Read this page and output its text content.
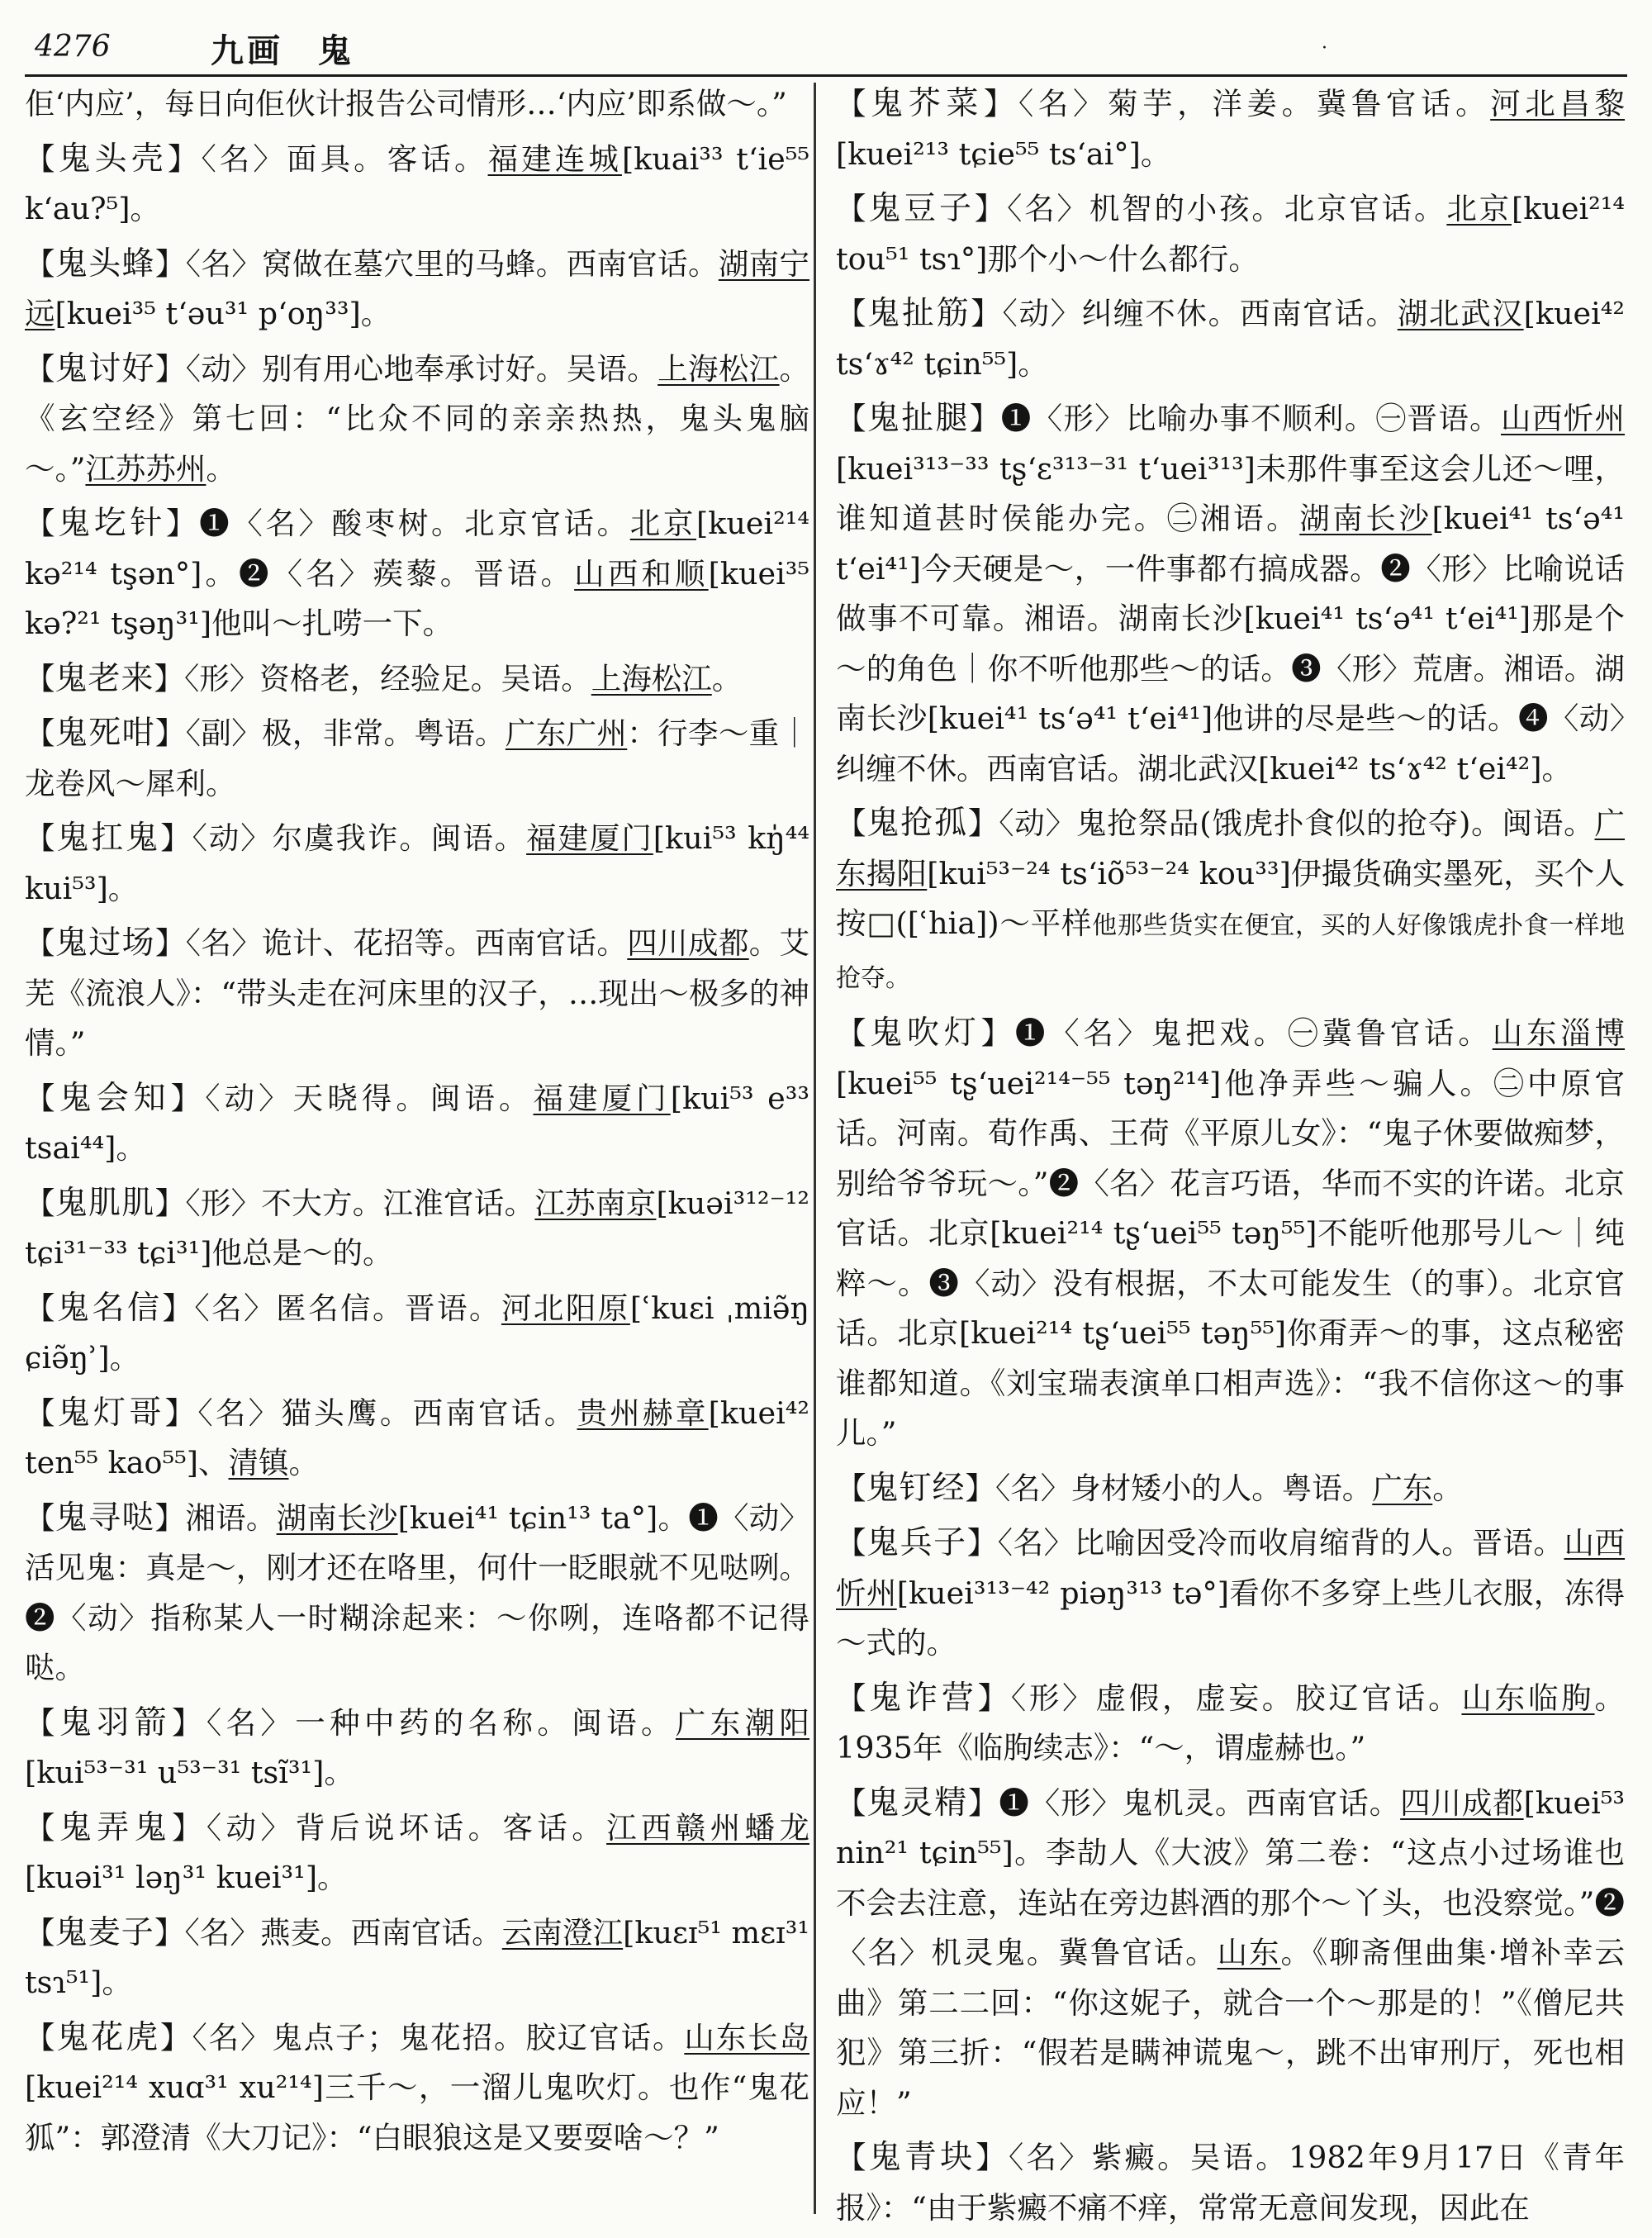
4276	九画 鬼	·

佢‘内应’，每日向佢伙计报告公司情形…‘内应’即系做～。”

【鬼头壳】〈名〉面具。客话。福建连城[kuai³³ t‘ie⁵⁵ k‘au?⁵]。

【鬼头蜂】〈名〉窝做在墓穴里的马蜂。西南官话。湖南宁远[kuei³⁵ t‘əu³¹ p‘oŋ³³]。

【鬼讨好】〈动〉别有用心地奉承讨好。吴语。上海松江。《玄空经》第七回：“比众不同的亲亲热热，鬼头鬼脑～。”江苏苏州。

【鬼圪针】❶〈名〉酸枣树。北京官话。北京[kuei²¹⁴ kə²¹⁴ tşən°]。❷〈名〉蒺藜。晋语。山西和顺[kuei³⁵ kə?²¹ tşəŋ³¹]他叫～扎唠一下。

【鬼老来】〈形〉资格老，经验足。吴语。上海松江。

【鬼死咁】〈副〉极，非常。粤语。广东广州：行李～重｜龙卷风～犀利。

【鬼扛鬼】〈动〉尔虞我诈。闽语。福建厦门[kui⁵³ kŋ̍⁴⁴ kui⁵³]。

【鬼过场】〈名〉诡计、花招等。西南官话。四川成都。艾芜《流浪人》：“带头走在河床里的汉子，…现出～极多的神情。”

【鬼会知】〈动〉天晓得。闽语。福建厦门[kui⁵³ e³³ tsai⁴⁴]。

【鬼肌肌】〈形〉不大方。江淮官话。江苏南京[kuəi³¹²⁻¹² tɕi³¹⁻³³ tɕi³¹]他总是～的。

【鬼名信】〈名〉匿名信。晋语。河北阳原[ʿkuɛi ˌmiə̃ŋ ɕiə̃ŋʾ]。

【鬼灯哥】〈名〉猫头鹰。西南官话。贵州赫章[kuei⁴² ten⁵⁵ kao⁵⁵]、清镇。

【鬼寻哒】湘语。湖南长沙[kuei⁴¹ tɕin¹³ ta°]。❶〈动〉活见鬼：真是～，刚才还在咯里，何什一眨眼就不见哒咧。❷〈动〉指称某人一时糊涂起来：～你咧，连咯都不记得哒。

【鬼羽箭】〈名〉一种中药的名称。闽语。广东潮阳[kui⁵³⁻³¹ u⁵³⁻³¹ tsĩ³¹]。

【鬼弄鬼】〈动〉背后说坏话。客话。江西赣州蟠龙[kuəi³¹ ləŋ³¹ kuei³¹]。

【鬼麦子】〈名〉燕麦。西南官话。云南澄江[kuɛɪ⁵¹ mɛɪ³¹ tsɿ⁵¹]。

【鬼花虎】〈名〉鬼点子；鬼花招。胶辽官话。山东长岛[kuei²¹⁴ xuɑ³¹ xu²¹⁴]三千～，一溜儿鬼吹灯。也作“鬼花狐”：郭澄清《大刀记》：“白眼狼这是又要耍啥～？”

【鬼芥菜】〈名〉菊芋，洋姜。冀鲁官话。河北昌黎[kuei²¹³ tɕie⁵⁵ ts‘ai°]。

【鬼豆子】〈名〉机智的小孩。北京官话。北京[kuei²¹⁴ tou⁵¹ tsɿ°]那个小～什么都行。

【鬼扯筋】〈动〉纠缠不休。西南官话。湖北武汉[kuei⁴² ts‘ɤ⁴² tɕin⁵⁵]。

【鬼扯腿】❶〈形〉比喻办事不顺利。㊀晋语。山西忻州[kuei³¹³⁻³³ tʂ‘ɛ³¹³⁻³¹ t‘uei³¹³]未那件事至这会儿还～哩，谁知道甚时侯能办完。㊁湘语。湖南长沙[kuei⁴¹ ts‘ə⁴¹ t‘ei⁴¹]今天硬是～，一件事都冇搞成器。❷〈形〉比喻说话做事不可靠。湘语。湖南长沙[kuei⁴¹ ts‘ə⁴¹ t‘ei⁴¹]那是个～的角色｜你不听他那些～的话。❸〈形〉荒唐。湘语。湖南长沙[kuei⁴¹ ts‘ə⁴¹ t‘ei⁴¹]他讲的尽是些～的话。❹〈动〉纠缠不休。西南官话。湖北武汉[kuei⁴² ts‘ɤ⁴² t‘ei⁴²]。

【鬼抢孤】〈动〉鬼抢祭品(饿虎扑食似的抢夺)。闽语。广东揭阳[kui⁵³⁻²⁴ ts‘iõ⁵³⁻²⁴ kou³³]伊撮货确实墨死，买个人按□([ʿhia])～平样他那些货实在便宜，买的人好像饿虎扑食一样地抢夺。

【鬼吹灯】❶〈名〉鬼把戏。㊀冀鲁官话。山东淄博[kuei⁵⁵ tʂ‘uei²¹⁴⁻⁵⁵ təŋ²¹⁴]他净弄些～骗人。㊁中原官话。河南。荀作禹、王荷《平原儿女》：“鬼子休要做痴梦，别给爷爷玩～。”❷〈名〉花言巧语，华而不实的许诺。北京官话。北京[kuei²¹⁴ tʂ‘uei⁵⁵ təŋ⁵⁵]不能听他那号儿～｜纯粹～。❸〈动〉没有根据，不太可能发生（的事）。北京官话。北京[kuei²¹⁴ tʂ‘uei⁵⁵ təŋ⁵⁵]你甭弄～的事，这点秘密谁都知道。《刘宝瑞表演单口相声选》：“我不信你这～的事儿。”

【鬼钉经】〈名〉身材矮小的人。粤语。广东。

【鬼兵子】〈名〉比喻因受冷而收肩缩背的人。晋语。山西忻州[kuei³¹³⁻⁴² piəŋ³¹³ tə°]看你不多穿上些儿衣服，冻得～式的。

【鬼诈营】〈形〉虚假，虚妄。胶辽官话。山东临朐。1935年《临朐续志》：“～，谓虚赫也。”

【鬼灵精】❶〈形〉鬼机灵。西南官话。四川成都[kuei⁵³ nin²¹ tɕin⁵⁵]。李劼人《大波》第二卷：“这点小过场谁也不会去注意，连站在旁边斟酒的那个～丫头，也没察觉。”❷〈名〉机灵鬼。冀鲁官话。山东。《聊斋俚曲集·增补幸云曲》第二二回：“你这妮子，就合一个～那是的！”《僧尼共犯》第三折：“假若是瞒神谎鬼～，跳不出审刑厅，死也相应！”

【鬼青块】〈名〉紫癜。吴语。1982年9月17日《青年报》：“由于紫癜不痛不痒，常常无意间发现，因此在
